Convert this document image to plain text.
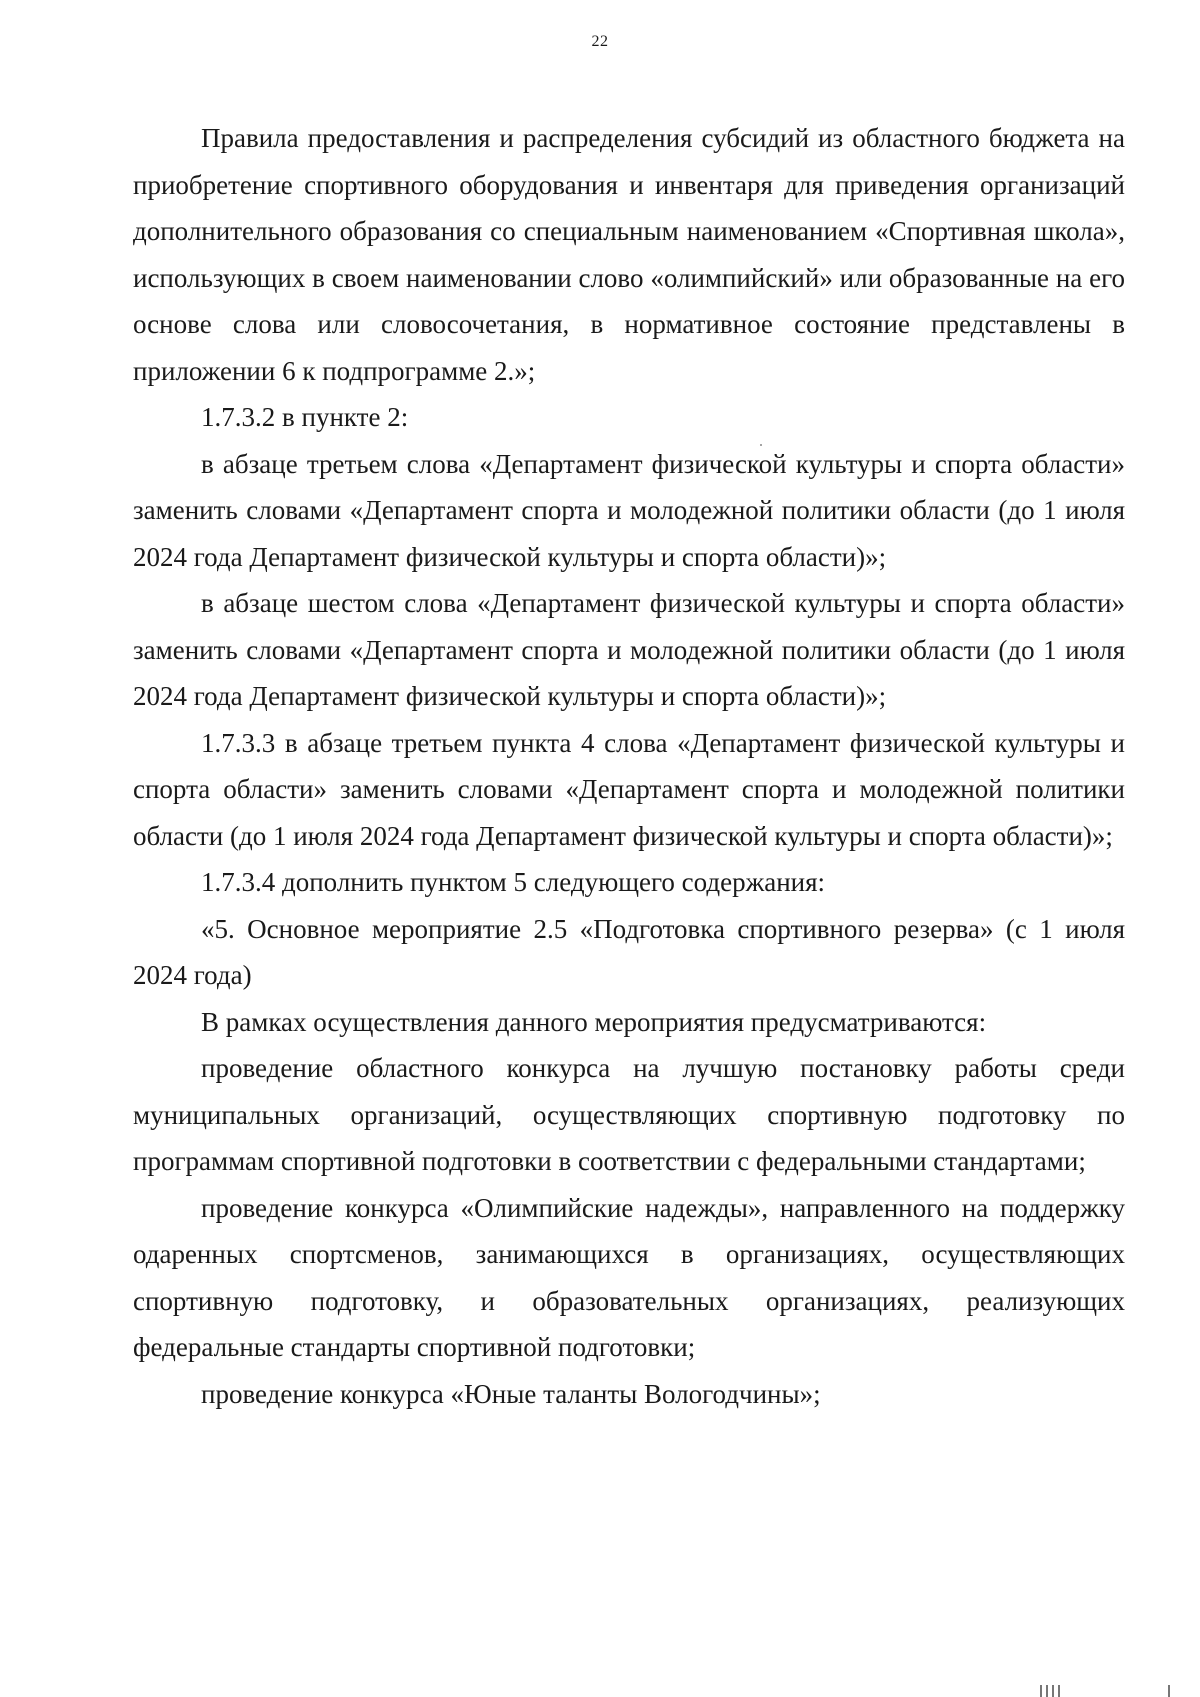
22

Правила предоставления и распределения субсидий из областного бюджета на приобретение спортивного оборудования и инвентаря для приведения организаций дополнительного образования со специальным наименованием «Спортивная школа», использующих в своем наименовании слово «олимпийский» или образованные на его основе слова или словосочетания, в нормативное состояние представлены в приложении 6 к подпрограмме 2.»;

1.7.3.2 в пункте 2:

в абзаце третьем слова «Департамент физической культуры и спорта области» заменить словами «Департамент спорта и молодежной политики области (до 1 июля 2024 года Департамент физической культуры и спорта области)»;

в абзаце шестом слова «Департамент физической культуры и спорта области» заменить словами «Департамент спорта и молодежной политики области (до 1 июля 2024 года Департамент физической культуры и спорта области)»;

1.7.3.3 в абзаце третьем пункта 4 слова «Департамент физической культуры и спорта области» заменить словами «Департамент спорта и молодежной политики области (до 1 июля 2024 года Департамент физической культуры и спорта области)»;

1.7.3.4 дополнить пунктом 5 следующего содержания:

«5. Основное мероприятие 2.5 «Подготовка спортивного резерва» (с 1 июля 2024 года)

В рамках осуществления данного мероприятия предусматриваются:

проведение областного конкурса на лучшую постановку работы среди муниципальных организаций, осуществляющих спортивную подготовку по программам спортивной подготовки в соответствии с федеральными стандартами;

проведение конкурса «Олимпийские надежды», направленного на поддержку одаренных спортсменов, занимающихся в организациях, осуществляющих спортивную подготовку, и образовательных организациях, реализующих федеральные стандарты спортивной подготовки;

проведение конкурса «Юные таланты Вологодчины»;
